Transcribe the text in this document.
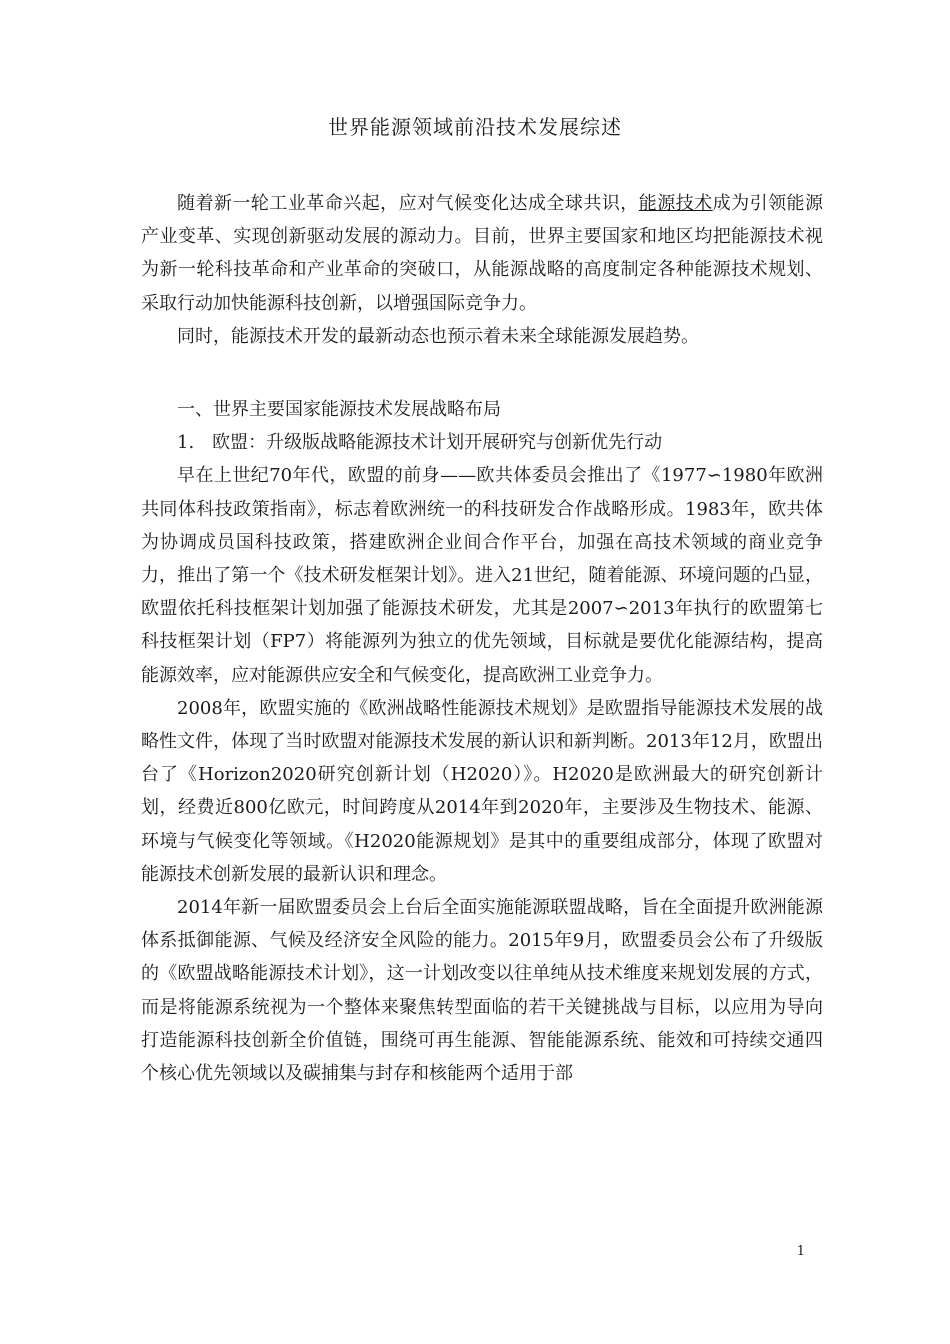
世界能源领域前沿技术发展综述

随着新一轮工业革命兴起，应对气候变化达成全球共识，能源技术成为引领能源产业变革、实现创新驱动发展的源动力。目前，世界主要国家和地区均把能源技术视为新一轮科技革命和产业革命的突破口，从能源战略的高度制定各种能源技术规划、采取行动加快能源科技创新，以增强国际竞争力。

同时，能源技术开发的最新动态也预示着未来全球能源发展趋势。

一、世界主要国家能源技术发展战略布局

1.　欧盟：升级版战略能源技术计划开展研究与创新优先行动

早在上世纪70年代，欧盟的前身——欧共体委员会推出了《1977∽1980年欧洲共同体科技政策指南》，标志着欧洲统一的科技研发合作战略形成。1983年，欧共体为协调成员国科技政策，搭建欧洲企业间合作平台，加强在高技术领域的商业竞争力，推出了第一个《技术研发框架计划》。进入21世纪，随着能源、环境问题的凸显，欧盟依托科技框架计划加强了能源技术研发，尤其是2007∽2013年执行的欧盟第七科技框架计划（FP7）将能源列为独立的优先领域，目标就是要优化能源结构，提高能源效率，应对能源供应安全和气候变化，提高欧洲工业竞争力。

2008年，欧盟实施的《欧洲战略性能源技术规划》是欧盟指导能源技术发展的战略性文件，体现了当时欧盟对能源技术发展的新认识和新判断。2013年12月，欧盟出台了《Horizon2020研究创新计划（H2020）》。H2020是欧洲最大的研究创新计划，经费近800亿欧元，时间跨度从2014年到2020年，主要涉及生物技术、能源、环境与气候变化等领域。《H2020能源规划》是其中的重要组成部分，体现了欧盟对能源技术创新发展的最新认识和理念。

2014年新一届欧盟委员会上台后全面实施能源联盟战略，旨在全面提升欧洲能源体系抵御能源、气候及经济安全风险的能力。2015年9月，欧盟委员会公布了升级版的《欧盟战略能源技术计划》，这一计划改变以往单纯从技术维度来规划发展的方式，而是将能源系统视为一个整体来聚焦转型面临的若干关键挑战与目标，以应用为导向打造能源科技创新全价值链，围绕可再生能源、智能能源系统、能效和可持续交通四个核心优先领域以及碳捕集与封存和核能两个适用于部

1
